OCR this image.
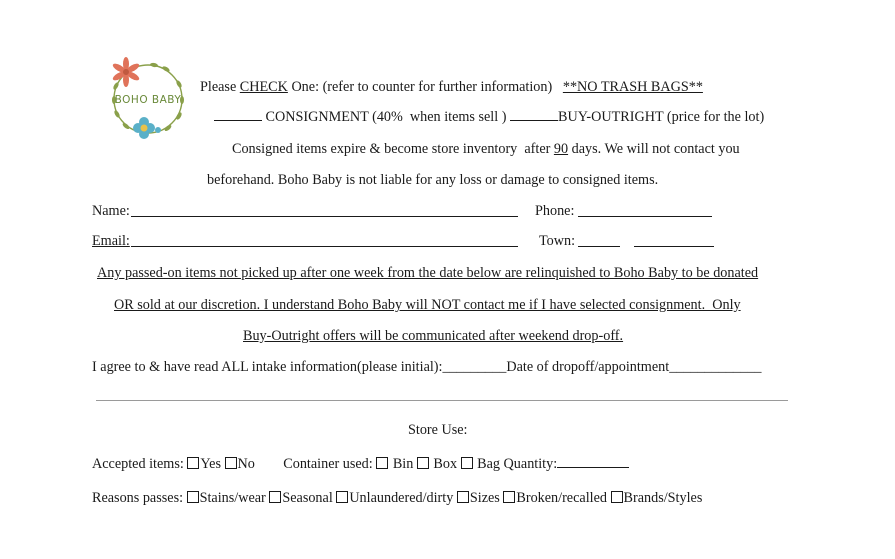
BOHO BABY
Please CHECK One: (refer to counter for further information) **NO TRASH BAGS**
CONSIGNMENT (40%  when items sell )	BUY-OUTRIGHT (price for the lot)
Consigned items expire & become store inventory  after 90 days. We will not contact you
beforehand. Boho Baby is not liable for any loss or damage to consigned items.
Name:	Phone:
Email:	Town:
Any passed-on items not picked up after one week from the date below are relinquished to Boho Baby to be donated
OR sold at our discretion. I understand Boho Baby will NOT contact me if I have selected consignment.  Only
Buy-Outright offers will be communicated after weekend drop-off.
I agree to & have read ALL intake information(please initial):_________Date of dropoff/appointment_____________
Store Use:
Accepted items: Yes No Container used:  Bin  Box  Bag Quantity:
Reasons passes: Stains/wear Seasonal Unlaundered/dirty Sizes Broken/recalled Brands/Styles
